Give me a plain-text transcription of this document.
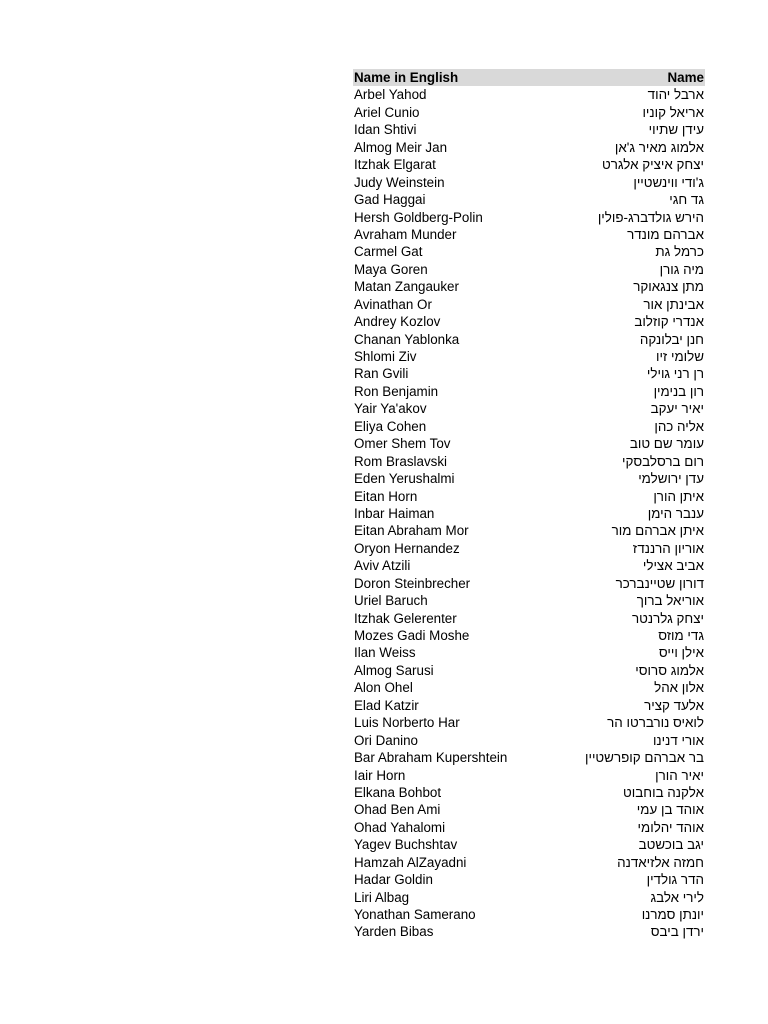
Name in English	Name
Arbel Yahod	ארבל יהוד
Ariel Cunio	אריאל קוניו
Idan Shtivi	עידן שתיוי
Almog Meir Jan	אלמוג מאיר ג'אן
Itzhak Elgarat	יצחק איציק אלגרט
Judy Weinstein	ג'ודי ווינשטיין
Gad Haggai	גד חגי
Hersh Goldberg-Polin	הירש גולדברג-פולין
Avraham Munder	אברהם מונדר
Carmel Gat	כרמל גת
Maya Goren	מיה גורן
Matan Zangauker	מתן צנגאוקר
Avinathan Or	אבינתן אור
Andrey Kozlov	אנדרי קוזלוב
Chanan Yablonka	חנן יבלונקה
Shlomi Ziv	שלומי זיו
Ran Gvili	רן רני גוילי
Ron Benjamin	רון בנימין
Yair Ya'akov	יאיר יעקב
Eliya Cohen	אליה כהן
Omer Shem Tov	עומר שם טוב
Rom Braslavski	רום ברסלבסקי
Eden Yerushalmi	עדן ירושלמי
Eitan Horn	איתן הורן
Inbar Haiman	ענבר הימן
Eitan Abraham Mor	איתן אברהם מור
Oryon Hernandez	אוריון הרננדז
Aviv Atzili	אביב אצילי
Doron Steinbrecher	דורון שטיינברכר
Uriel Baruch	אוריאל ברוך
Itzhak Gelerenter	יצחק גלרנטר
Mozes Gadi Moshe	גדי מוזס
Ilan Weiss	אילן וייס
Almog Sarusi	אלמוג סרוסי
Alon Ohel	אלון אהל
Elad Katzir	אלעד קציר
Luis Norberto Har	לואיס נורברטו הר
Ori Danino	אורי דנינו
Bar Abraham Kupershtein	בר אברהם קופרשטיין
Iair Horn	יאיר הורן
Elkana Bohbot	אלקנה בוחבוט
Ohad Ben Ami	אוהד בן עמי
Ohad Yahalomi	אוהד יהלומי
Yagev Buchshtav	יגב בוכשטב
Hamzah AlZayadni	חמזה אלזיאדנה
Hadar Goldin	הדר גולדין
Liri Albag	לירי אלבג
Yonathan Samerano	יונתן סמרנו
Yarden Bibas	ירדן ביבס
